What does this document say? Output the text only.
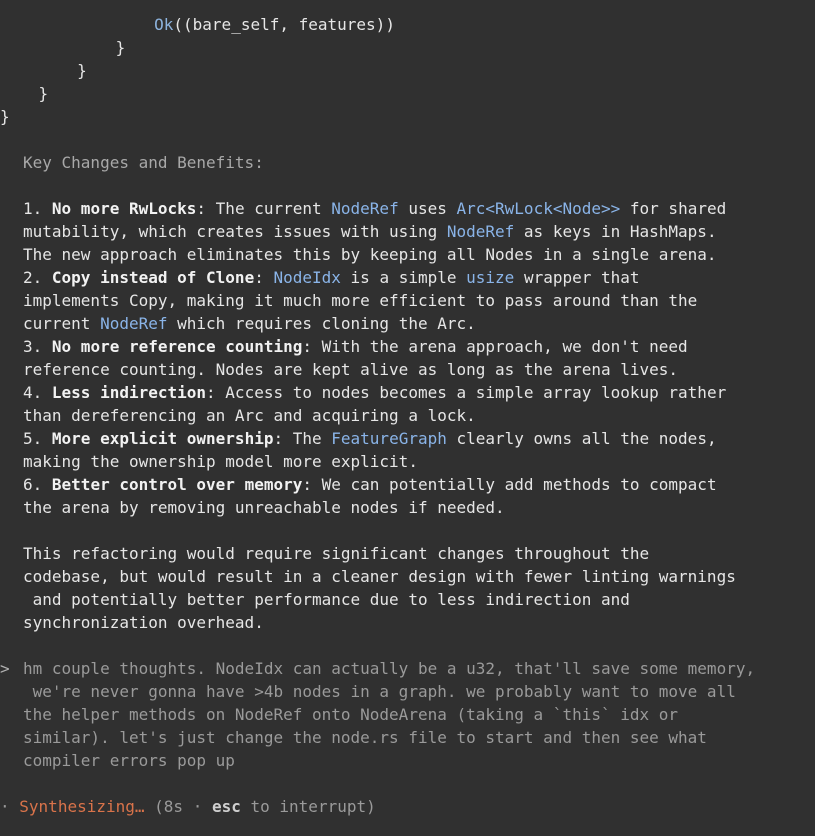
Ok((bare_self, features))
}
}
}
}
Key Changes and Benefits:
1. No more RwLocks: The current NodeRef uses Arc<RwLock<Node>> for shared
mutability, which creates issues with using NodeRef as keys in HashMaps.
The new approach eliminates this by keeping all Nodes in a single arena.
2. Copy instead of Clone: NodeIdx is a simple usize wrapper that
implements Copy, making it much more efficient to pass around than the
current NodeRef which requires cloning the Arc.
3. No more reference counting: With the arena approach, we don't need
reference counting. Nodes are kept alive as long as the arena lives.
4. Less indirection: Access to nodes becomes a simple array lookup rather
than dereferencing an Arc and acquiring a lock.
5. More explicit ownership: The FeatureGraph clearly owns all the nodes,
making the ownership model more explicit.
6. Better control over memory: We can potentially add methods to compact
the arena by removing unreachable nodes if needed.
This refactoring would require significant changes throughout the
codebase, but would result in a cleaner design with fewer linting warnings
and potentially better performance due to less indirection and
synchronization overhead.
> hm couple thoughts. NodeIdx can actually be a u32, that'll save some memory,
we're never gonna have >4b nodes in a graph. we probably want to move all
the helper methods on NodeRef onto NodeArena (taking a `this` idx or
similar). let's just change the node.rs file to start and then see what
compiler errors pop up
· Synthesizing… (8s · esc to interrupt)
